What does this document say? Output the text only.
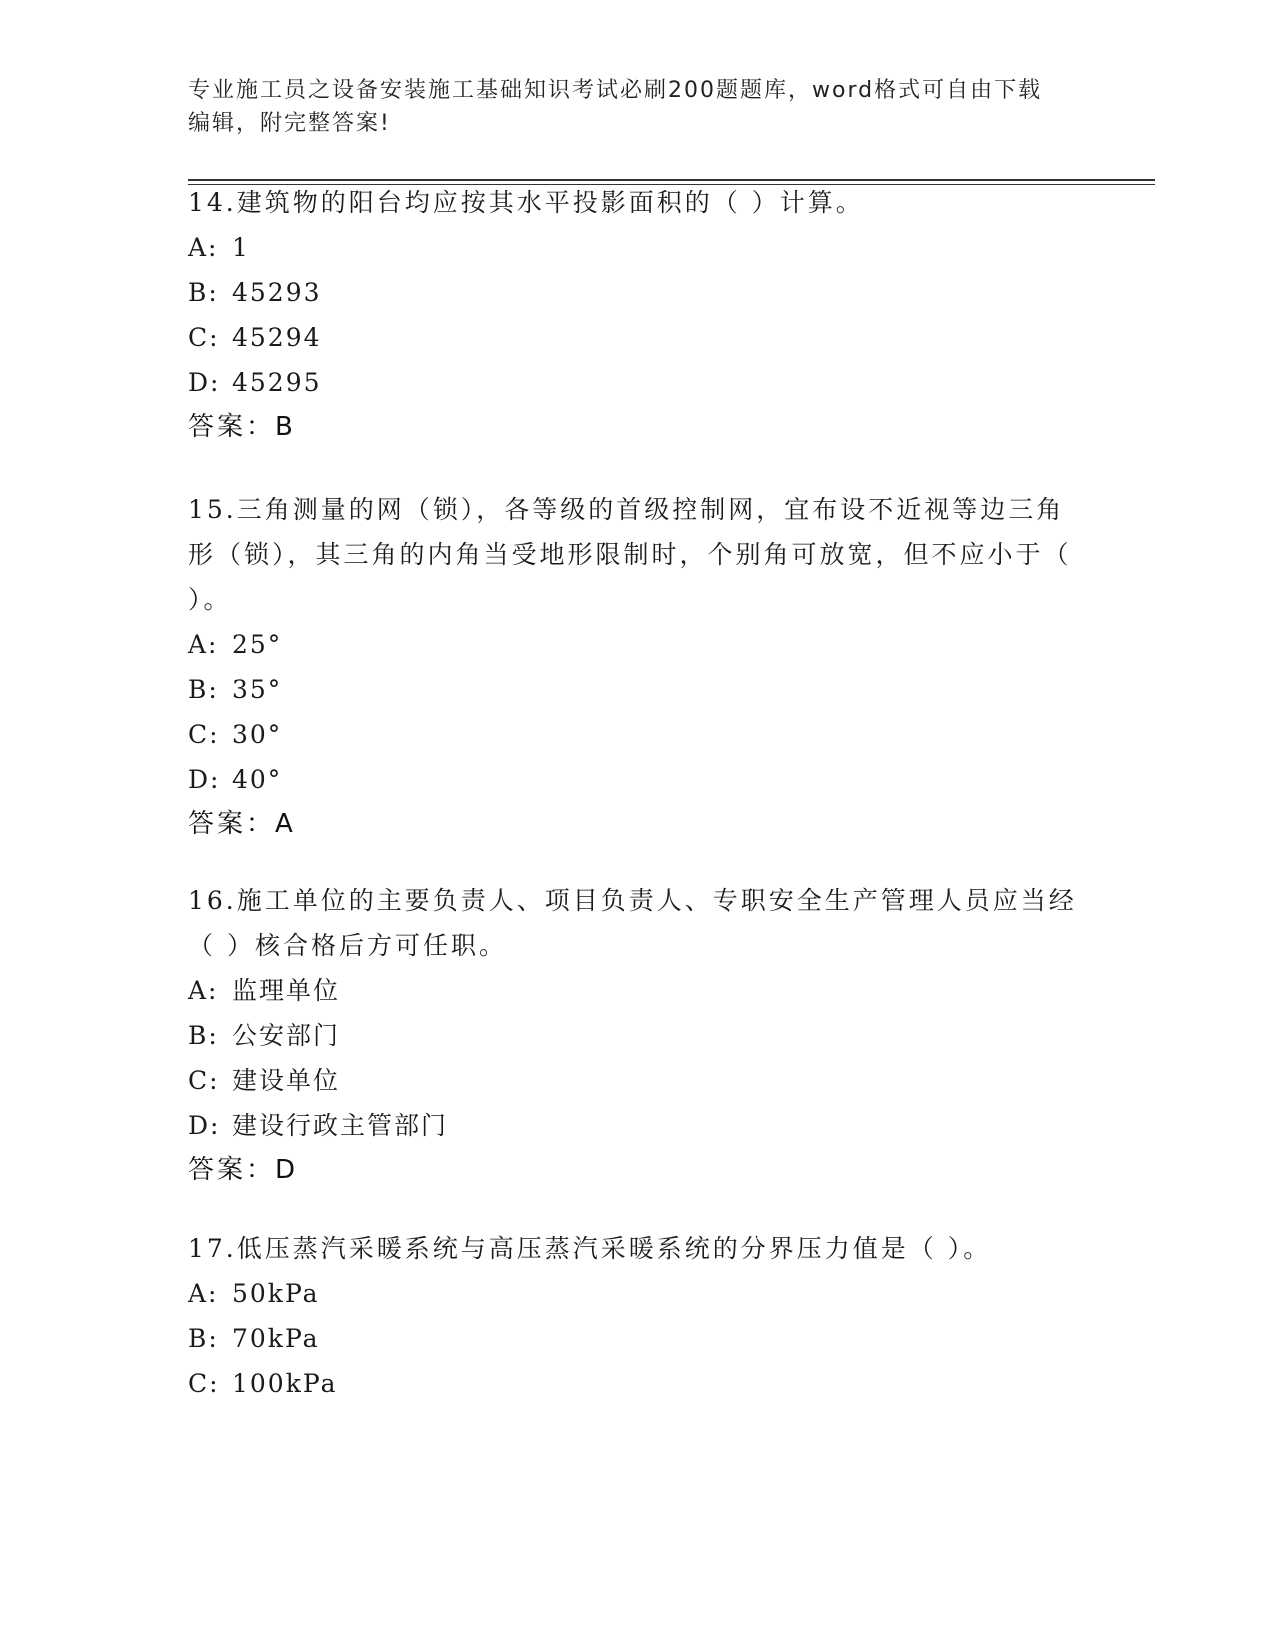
专业施工员之设备安装施工基础知识考试必刷200题题库，word格式可自由下载
编辑，附完整答案!

14.建筑物的阳台均应按其水平投影面积的（ ）计算。

A: 1

B: 45293

C: 45294

D: 45295

答案：B

15.三角测量的网（锁），各等级的首级控制网，宜布设不近视等边三角形（锁），其三角的内角当受地形限制时，个别角可放宽，但不应小于（ ）。

A: 25°

B: 35°

C: 30°

D: 40°

答案：A

16.施工单位的主要负责人、项目负责人、专职安全生产管理人员应当经（ ）核合格后方可任职。

A: 监理单位

B: 公安部门

C: 建设单位

D: 建设行政主管部门

答案：D

17.低压蒸汽采暖系统与高压蒸汽采暖系统的分界压力值是（ ）。

A: 50kPa

B: 70kPa

C: 100kPa
